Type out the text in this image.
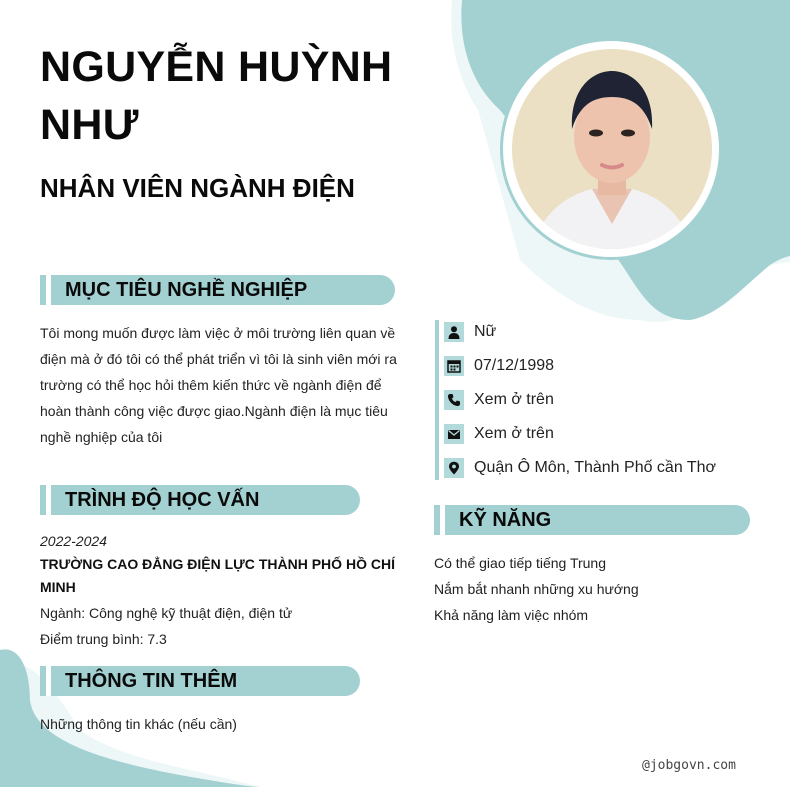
NGUYỄN HUỲNH NHƯ
NHÂN VIÊN NGÀNH ĐIỆN
MỤC TIÊU NGHỀ NGHIỆP

Tôi mong muốn được làm việc ở môi trường liên quan về điện mà ở đó tôi có thể phát triển vì tôi là sinh viên mới ra trường có thể học hỏi thêm kiến thức về ngành điện để hoàn thành công việc được giao.Ngành điện là mục tiêu nghề nghiệp của tôi

TRÌNH ĐỘ HỌC VẤN
2022-2024

TRƯỜNG CAO ĐẲNG ĐIỆN LỰC THÀNH PHỐ HỒ CHÍ MINH

Ngành: Công nghệ kỹ thuật điện, điện tử
Điểm trung bình: 7.3
THÔNG TIN THÊM
Những thông tin khác (nếu cần)
Nữ
07/12/1998
Xem ở trên
Xem ở trên
Quận Ô Môn, Thành Phố cần Thơ
KỸ NĂNG
Có thể giao tiếp tiếng Trung
Nắm bắt nhanh những xu hướng
Khả năng làm việc nhóm
@jobgovn.com
